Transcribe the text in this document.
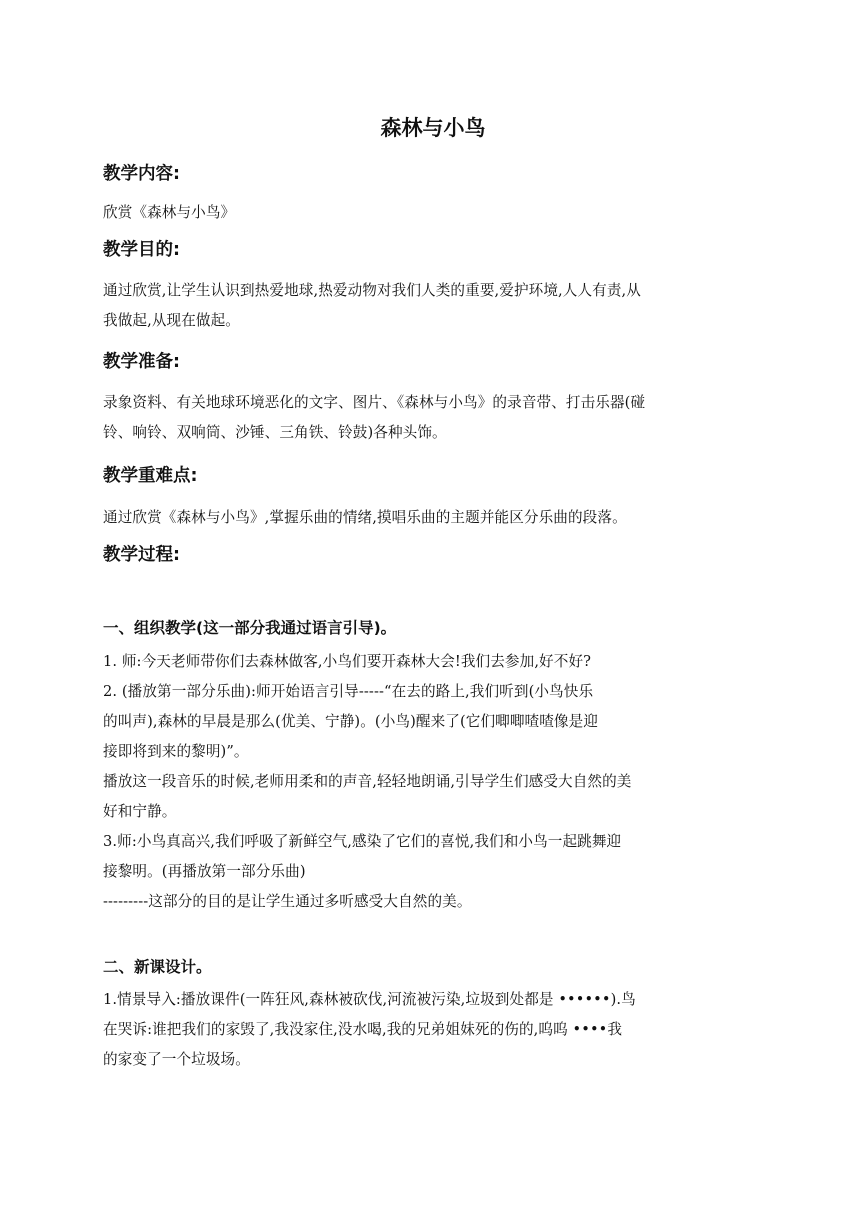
森林与小鸟
教学内容:
欣赏《森林与小鸟》
教学目的:
通过欣赏,让学生认识到热爱地球,热爱动物对我们人类的重要,爱护环境,人人有责,从
我做起,从现在做起。
教学准备:
录象资料、有关地球环境恶化的文字、图片、《森林与小鸟》的录音带、打击乐器(碰
铃、响铃、双响筒、沙锤、三角铁、铃鼓)各种头饰。
教学重难点:
通过欣赏《森林与小鸟》,掌握乐曲的情绪,摸唱乐曲的主题并能区分乐曲的段落。
教学过程:
一、组织教学(这一部分我通过语言引导)。
1. 师:今天老师带你们去森林做客,小鸟们要开森林大会!我们去参加,好不好?
2. (播放第一部分乐曲):师开始语言引导-----“在去的路上,我们听到(小鸟快乐
的叫声),森林的早晨是那么(优美、宁静)。(小鸟)醒来了(它们唧唧喳喳像是迎
接即将到来的黎明)”。
播放这一段音乐的时候,老师用柔和的声音,轻轻地朗诵,引导学生们感受大自然的美
好和宁静。
3.师:小鸟真高兴,我们呼吸了新鲜空气,感染了它们的喜悦,我们和小鸟一起跳舞迎
接黎明。(再播放第一部分乐曲)
---------这部分的目的是让学生通过多听感受大自然的美。
二、新课设计。
1.情景导入:播放课件(一阵狂风,森林被砍伐,河流被污染,垃圾到处都是 ••••••).鸟
在哭诉:谁把我们的家毁了,我没家住,没水喝,我的兄弟姐妹死的伤的,呜呜 ••••我
的家变了一个垃圾场。
